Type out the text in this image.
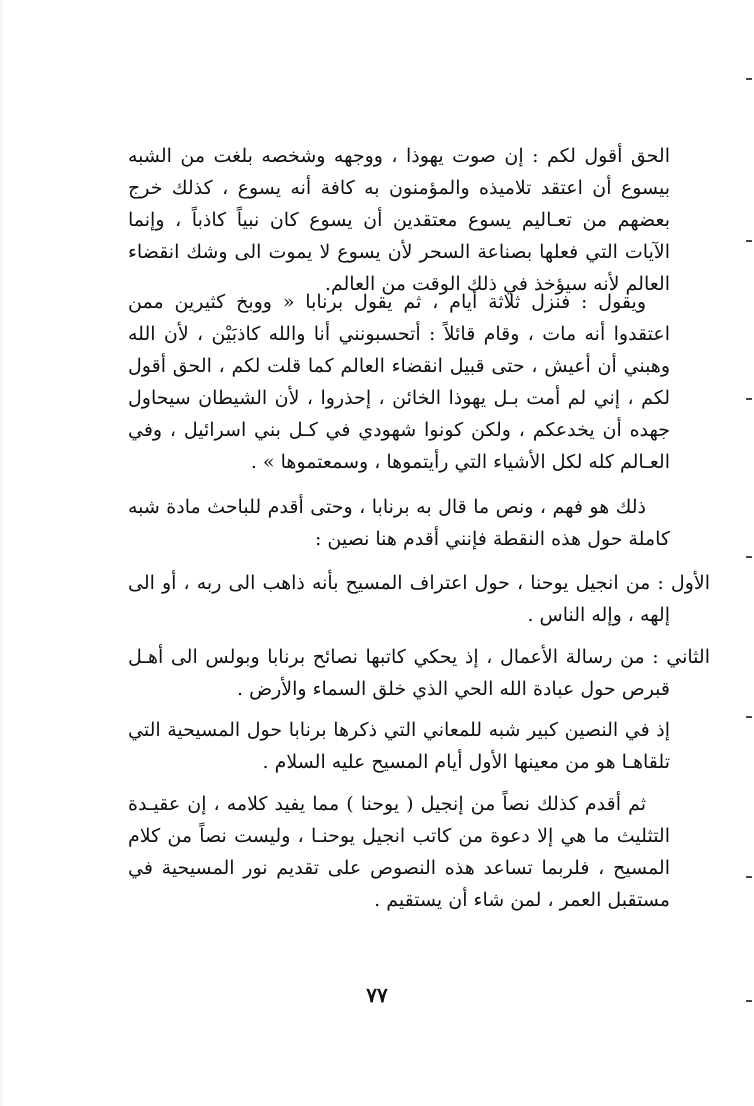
الحق أقول لكم : إن صوت يهوذا ، ووجهه وشخصه بلغت من الشبه بيسوع أن اعتقد تلاميذه والمؤمنون به كافة أنه يسوع ، كذلك خرج بعضهم من تعـاليم يسوع معتقدين أن يسوع كان نبياً كاذباً ، وإنما الآيات التي فعلها بصناعة السحر لأن يسوع لا يموت الى وشك انقضاء العالم لأنه سيؤخذ في ذلك الوقت من العالم.

ويقول : فنزل ثلاثة أيام ، ثم يقول برنابا « ووبخ كثيرين ممن اعتقدوا أنه مات ، وقام قائلاً : أتحسبونني أنا والله كاذبَيْن ، لأن الله وهبني أن أعيش ، حتى قبيل انقضاء العالم كما قلت لكم ، الحق أقول لكم ، إني لم أمت بـل يهوذا الخائن ، إحذروا ، لأن الشيطان سيحاول جهده أن يخدعكم ، ولكن كونوا شهودي في كـل بني اسرائيل ، وفي العـالم كله لكل الأشياء التي رأيتموها ، وسمعتموها » .

ذلك هو فهم ، ونص ما قال به برنابا ، وحتى أقدم للباحث مادة شبه كاملة حول هذه النقطة فإنني أقدم هنا نصين :

الأول : من انجيل يوحنا ، حول اعتراف المسيح بأنه ذاهب الى ربه ، أو الى إلهه ، وإله الناس .

الثاني : من رسالة الأعمال ، إذ يحكي كاتبها نصائح برنابا وبولس الى أهـل قبرص حول عبادة الله الحي الذي خلق السماء والأرض .

إذ في النصين كبير شبه للمعاني التي ذكرها برنابا حول المسيحية التي تلقاهـا هو من معينها الأول أيام المسيح عليه السلام .

ثم أقدم كذلك نصاً من إنجيل ( يوحنا ) مما يفيد كلامه ، إن عقيـدة التثليث ما هي إلا دعوة من كاتب انجيل يوحنـا ، وليست نصاً من كلام المسيح ، فلربما تساعد هذه النصوص على تقديم نور المسيحية في مستقبل العمر ، لمن شاء أن يستقيم .

٧٧
